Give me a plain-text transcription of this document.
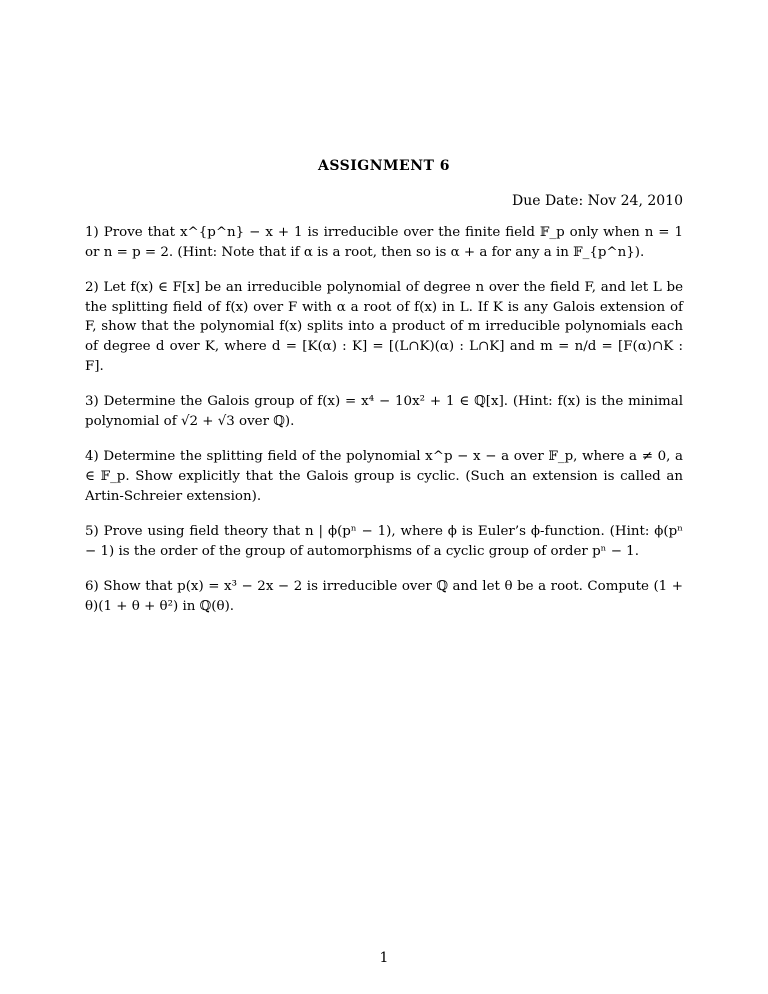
ASSIGNMENT 6
Due Date: Nov 24, 2010

1) Prove that x^{p^n} − x + 1 is irreducible over the finite field 𝔽_p only when n = 1 or n = p = 2. (Hint: Note that if α is a root, then so is α + a for any a in 𝔽_{p^n}).

2) Let f(x) ∈ F[x] be an irreducible polynomial of degree n over the field F, and let L be the splitting field of f(x) over F with α a root of f(x) in L. If K is any Galois extension of F, show that the polynomial f(x) splits into a product of m irreducible polynomials each of degree d over K, where d = [K(α) : K] = [(L∩K)(α) : L∩K] and m = n/d = [F(α)∩K : F].

3) Determine the Galois group of f(x) = x⁴ − 10x² + 1 ∈ ℚ[x]. (Hint: f(x) is the minimal polynomial of √2 + √3 over ℚ).

4) Determine the splitting field of the polynomial x^p − x − a over 𝔽_p, where a ≠ 0, a ∈ 𝔽_p. Show explicitly that the Galois group is cyclic. (Such an extension is called an Artin-Schreier extension).

5) Prove using field theory that n | ϕ(pⁿ − 1), where ϕ is Euler’s ϕ-function. (Hint: ϕ(pⁿ − 1) is the order of the group of automorphisms of a cyclic group of order pⁿ − 1.

6) Show that p(x) = x³ − 2x − 2 is irreducible over ℚ and let θ be a root. Compute (1 + θ)(1 + θ + θ²) in ℚ(θ).

1
